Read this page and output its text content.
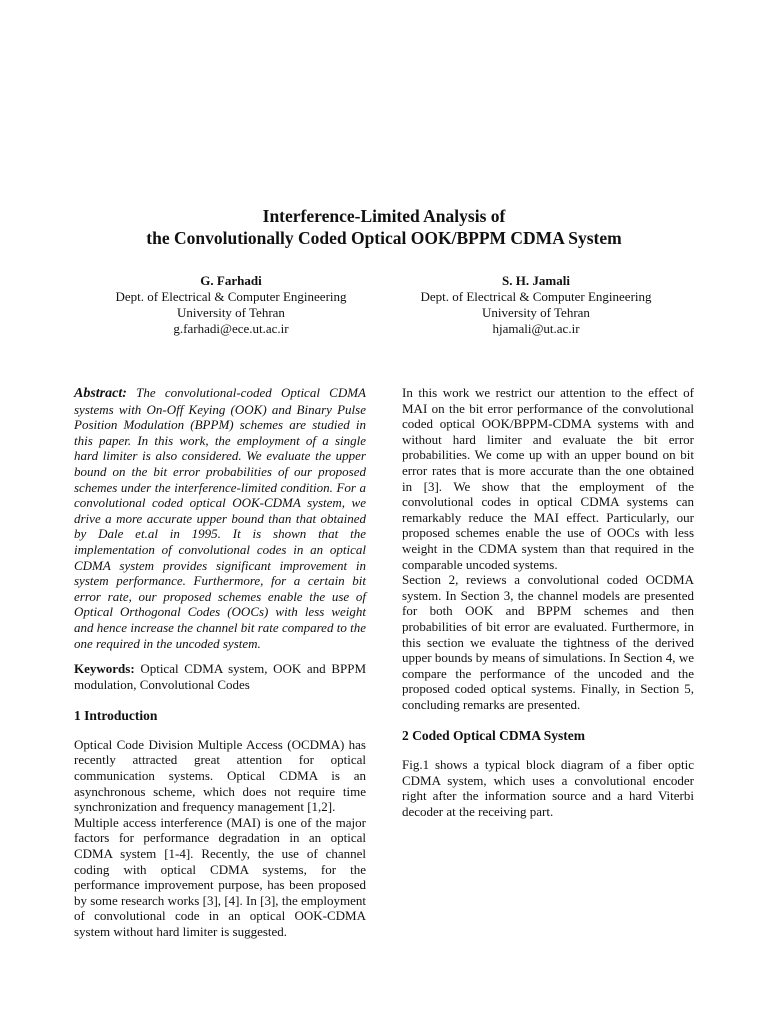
Interference-Limited Analysis of
the Convolutionally Coded Optical OOK/BPPM CDMA System
G. Farhadi
Dept. of Electrical & Computer Engineering
University of Tehran
g.farhadi@ece.ut.ac.ir
S. H. Jamali
Dept. of Electrical & Computer Engineering
University of Tehran
hjamali@ut.ac.ir

Abstract: The convolutional-coded Optical CDMA systems with On-Off Keying (OOK) and Binary Pulse Position Modulation (BPPM) schemes are studied in this paper. In this work, the employment of a single hard limiter is also considered. We evaluate the upper bound on the bit error probabilities of our proposed schemes under the interference-limited condition. For a convolutional coded optical OOK-CDMA system, we drive a more accurate upper bound than that obtained by Dale et.al in 1995. It is shown that the implementation of convolutional codes in an optical CDMA system provides significant improvement in system performance. Furthermore, for a certain bit error rate, our proposed schemes enable the use of Optical Orthogonal Codes (OOCs) with less weight and hence increase the channel bit rate compared to the one required in the uncoded system.

Keywords: Optical CDMA system, OOK and BPPM modulation, Convolutional Codes

1 Introduction

Optical Code Division Multiple Access (OCDMA) has recently attracted great attention for optical communication systems. Optical CDMA is an asynchronous scheme, which does not require time synchronization and frequency management [1,2].

Multiple access interference (MAI) is one of the major factors for performance degradation in an optical CDMA system [1-4]. Recently, the use of channel coding with optical CDMA systems, for the performance improvement purpose, has been proposed by some research works [3], [4]. In [3], the employment of convolutional code in an optical OOK-CDMA system without hard limiter is suggested.

In this work we restrict our attention to the effect of MAI on the bit error performance of the convolutional coded optical OOK/BPPM-CDMA systems with and without hard limiter and evaluate the bit error probabilities. We come up with an upper bound on bit error rates that is more accurate than the one obtained in [3]. We show that the employment of the convolutional codes in optical CDMA systems can remarkably reduce the MAI effect. Particularly, our proposed schemes enable the use of OOCs with less weight in the CDMA system than that required in the comparable uncoded systems.

Section 2, reviews a convolutional coded OCDMA system. In Section 3, the channel models are presented for both OOK and BPPM schemes and then probabilities of bit error are evaluated. Furthermore, in this section we evaluate the tightness of the derived upper bounds by means of simulations. In Section 4, we compare the performance of the uncoded and the proposed coded optical systems. Finally, in Section 5, concluding remarks are presented.

2 Coded Optical CDMA System

Fig.1 shows a typical block diagram of a fiber optic CDMA system, which uses a convolutional encoder right after the information source and a hard Viterbi decoder at the receiving part.
